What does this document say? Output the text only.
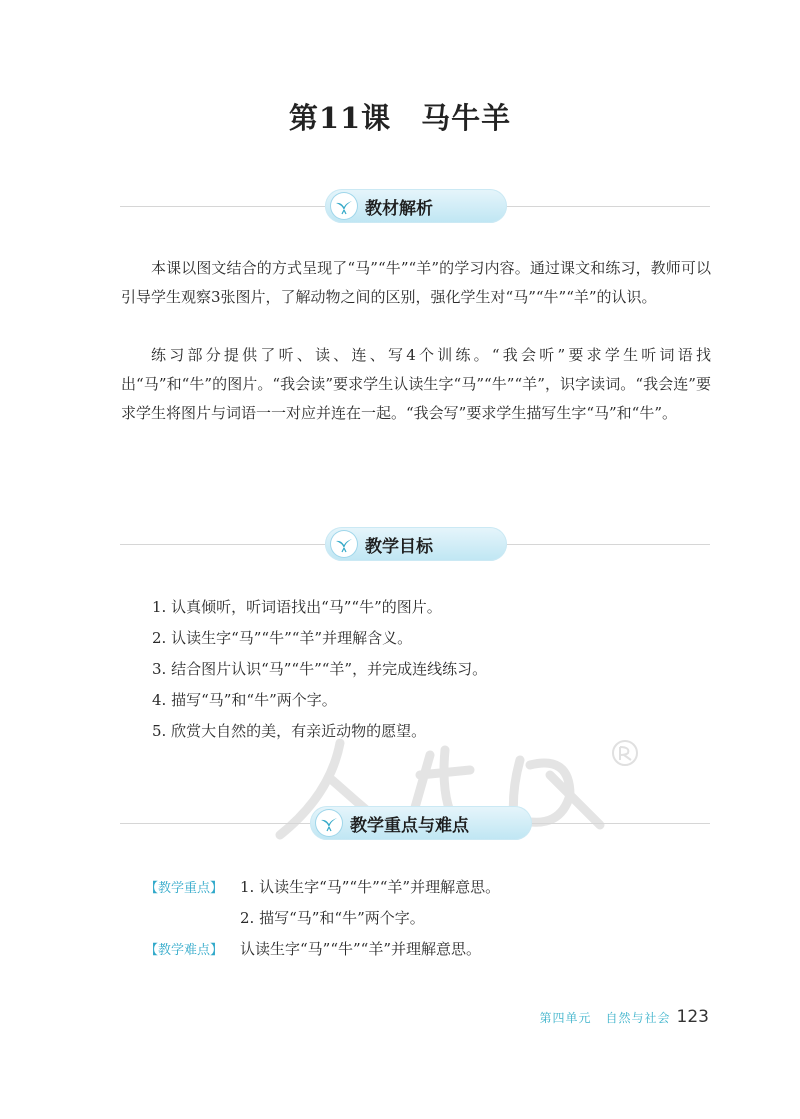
第11课 马牛羊
教材解析

本课以图文结合的方式呈现了“马”“牛”“羊”的学习内容。通过课文和练习，教师可以引导学生观察3张图片，了解动物之间的区别，强化学生对“马”“牛”“羊”的认识。

练习部分提供了听、读、连、写4个训练。“我会听”要求学生听词语找出“马”和“牛”的图片。“我会读”要求学生认读生字“马”“牛”“羊”，识字读词。“我会连”要求学生将图片与词语一一对应并连在一起。“我会写”要求学生描写生字“马”和“牛”。

教学目标
1. 认真倾听，听词语找出“马”“牛”的图片。
2. 认读生字“马”“牛”“羊”并理解含义。
3. 结合图片认识“马”“牛”“羊”，并完成连线练习。
4. 描写“马”和“牛”两个字。
5. 欣赏大自然的美，有亲近动物的愿望。
教学重点与难点
【教学重点】 1. 认读生字“马”“牛”“羊”并理解意思。
2. 描写“马”和“牛”两个字。
【教学难点】 认读生字“马”“牛”“羊”并理解意思。
第四单元 自然与社会 123
